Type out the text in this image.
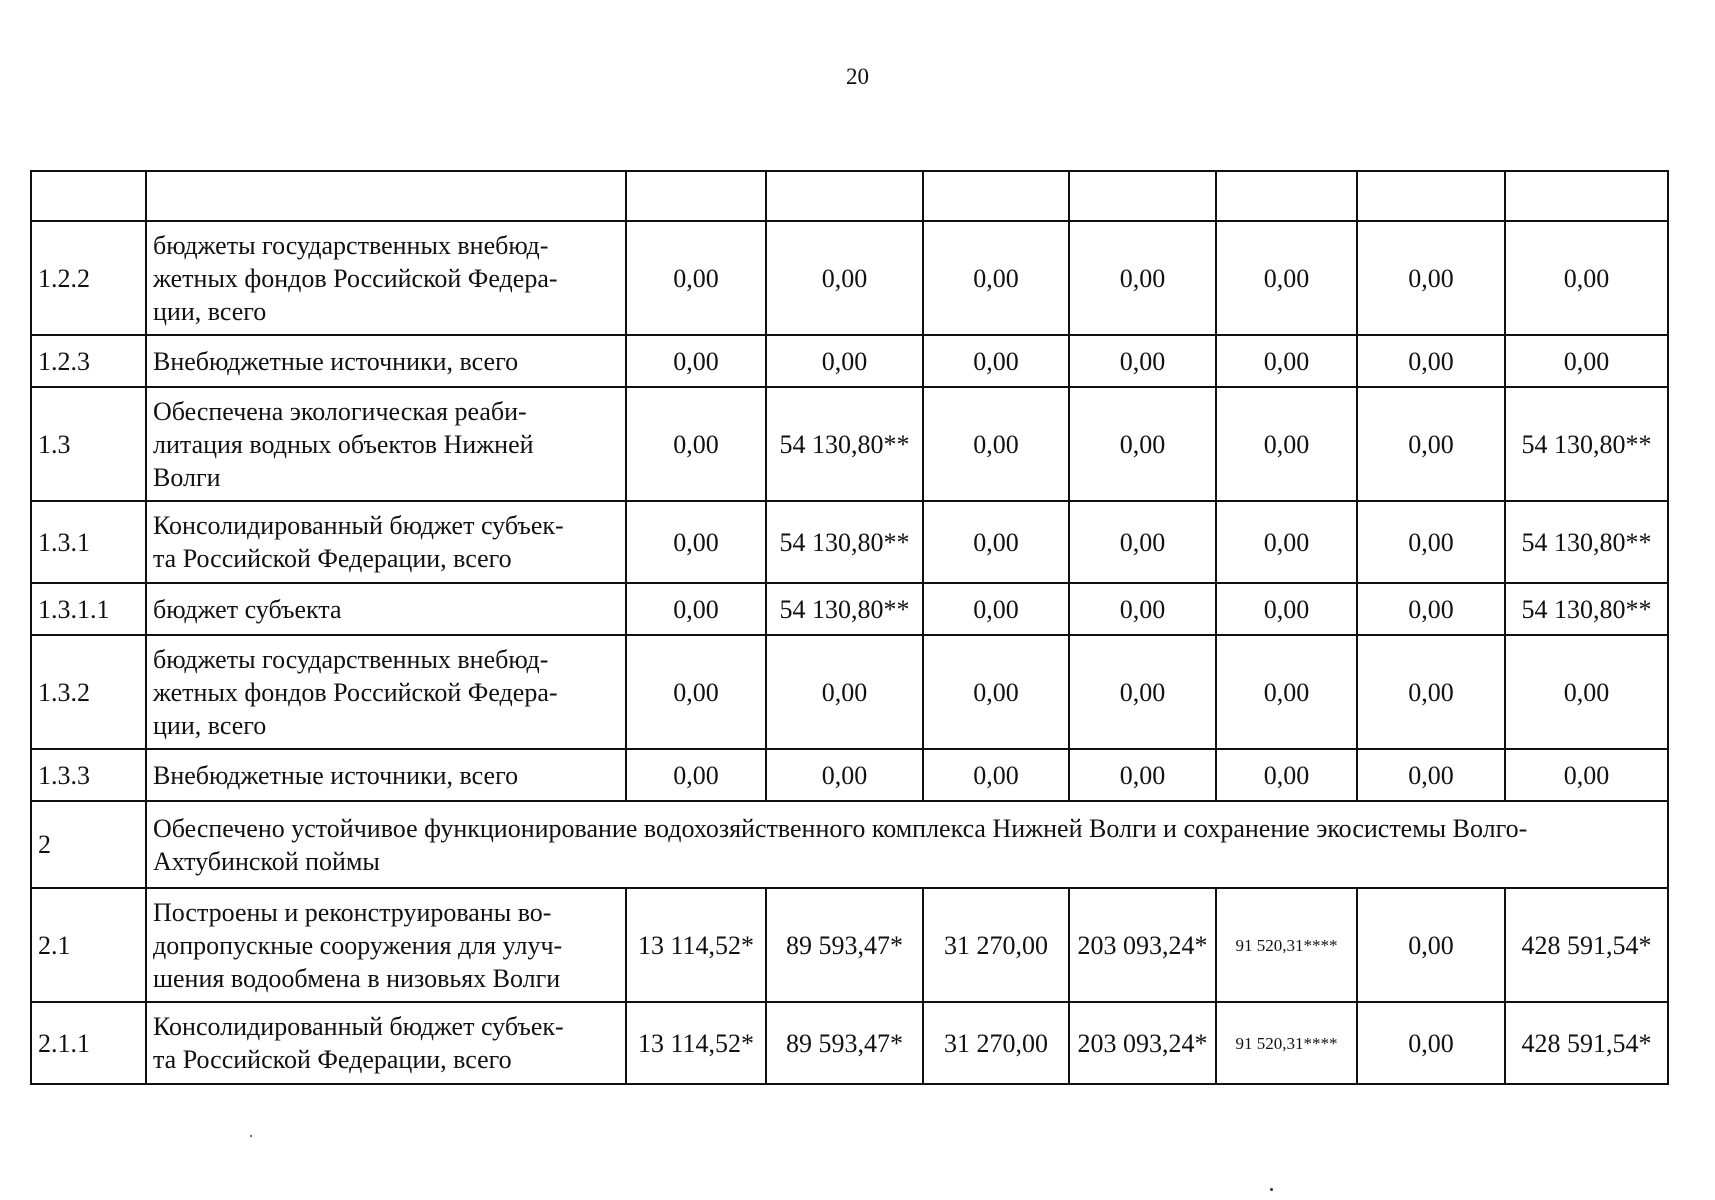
20

1.2.2	бюджеты государственных внебюд-
жетных фондов Российской Федера-
ции, всего	0,00	0,00	0,00	0,00	0,00	0,00	0,00
1.2.3	Внебюджетные источники, всего	0,00	0,00	0,00	0,00	0,00	0,00	0,00
1.3	Обеспечена экологическая реаби-
литация водных объектов Нижней
Волги	0,00	54 130,80**	0,00	0,00	0,00	0,00	54 130,80**
1.3.1	Консолидированный бюджет субъек-
та Российской Федерации, всего	0,00	54 130,80**	0,00	0,00	0,00	0,00	54 130,80**
1.3.1.1	бюджет субъекта	0,00	54 130,80**	0,00	0,00	0,00	0,00	54 130,80**
1.3.2	бюджеты государственных внебюд-
жетных фондов Российской Федера-
ции, всего	0,00	0,00	0,00	0,00	0,00	0,00	0,00
1.3.3	Внебюджетные источники, всего	0,00	0,00	0,00	0,00	0,00	0,00	0,00
2	Обеспечено устойчивое функционирование водохозяйственного комплекса Нижней Волги и сохранение экосистемы Волго-Ахтубинской поймы							
2.1	Построены и реконструированы во-
допропускные сооружения для улуч-
шения водообмена в низовьях Волги	13 114,52*	89 593,47*	31 270,00	203 093,24*	91 520,31****	0,00	428 591,54*
2.1.1	Консолидированный бюджет субъек-
та Российской Федерации, всего	13 114,52*	89 593,47*	31 270,00	203 093,24*	91 520,31****	0,00	428 591,54*
